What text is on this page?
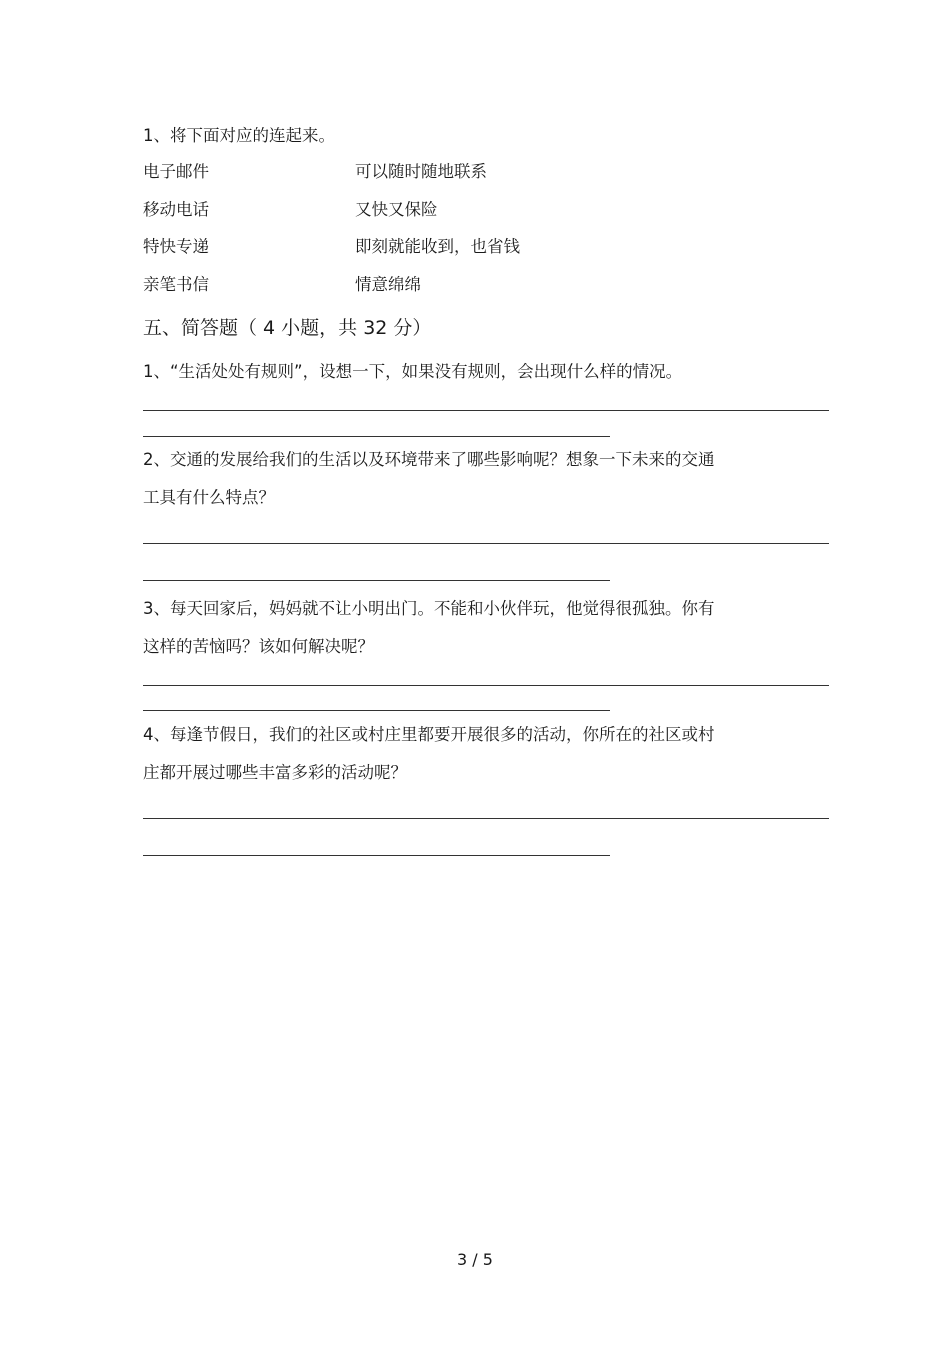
1、将下面对应的连起来。
电子邮件	可以随时随地联系
移动电话	又快又保险
特快专递	即刻就能收到，也省钱
亲笔书信	情意绵绵
五、简答题（ 4 小题，共 32 分）
1、“生活处处有规则”，设想一下，如果没有规则，会出现什么样的情况。
2、交通的发展给我们的生活以及环境带来了哪些影响呢？想象一下未来的交通
工具有什么特点？
3、每天回家后，妈妈就不让小明出门。不能和小伙伴玩，他觉得很孤独。你有
这样的苦恼吗？该如何解决呢？
4、每逢节假日，我们的社区或村庄里都要开展很多的活动，你所在的社区或村
庄都开展过哪些丰富多彩的活动呢？
3 / 5
